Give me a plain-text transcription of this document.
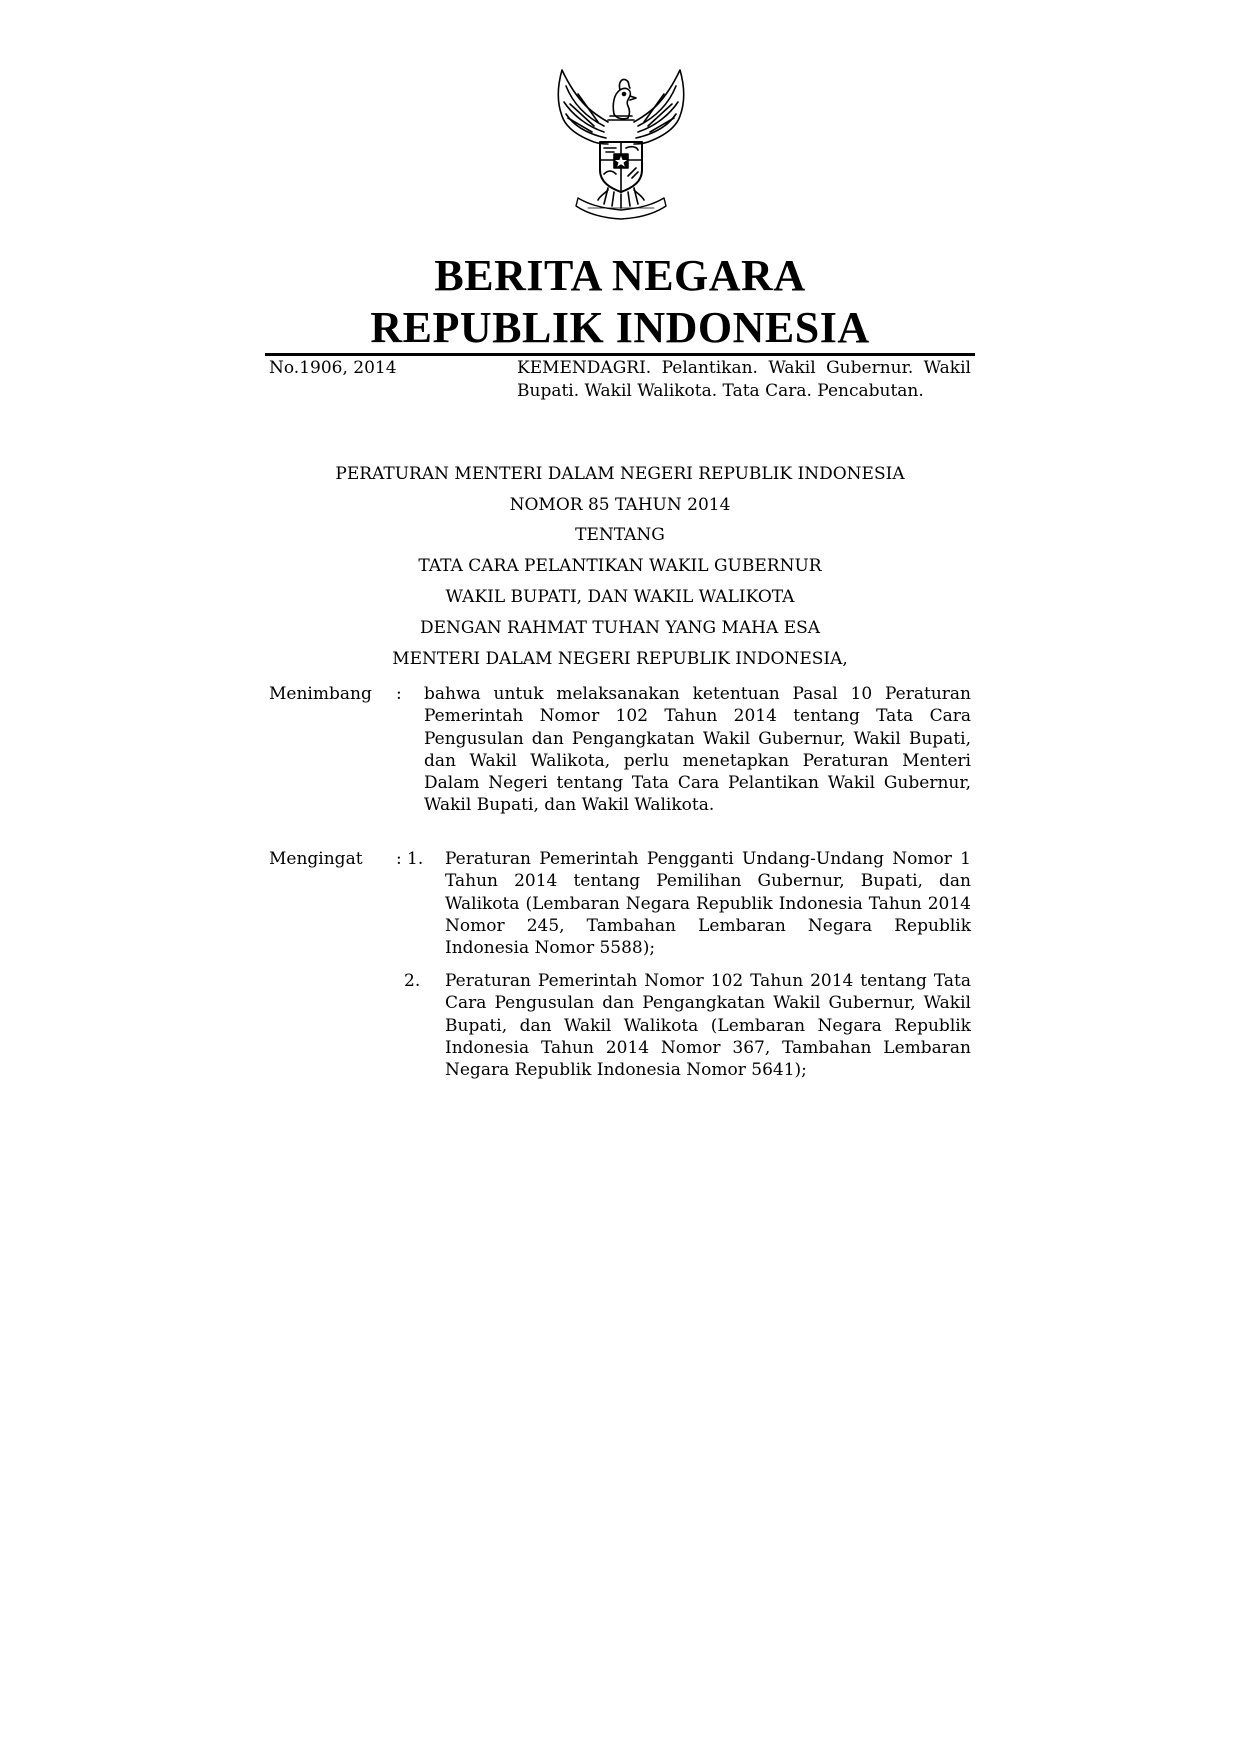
BERITA NEGARA
REPUBLIK INDONESIA
No.1906, 2014	KEMENDAGRI. Pelantikan. Wakil Gubernur. Wakil Bupati. Wakil Walikota. Tata Cara. Pencabutan.
PERATURAN MENTERI DALAM NEGERI REPUBLIK INDONESIA
NOMOR 85 TAHUN 2014
TENTANG
TATA CARA PELANTIKAN WAKIL GUBERNUR
WAKIL BUPATI, DAN WAKIL WALIKOTA
DENGAN RAHMAT TUHAN YANG MAHA ESA
MENTERI DALAM NEGERI REPUBLIK INDONESIA,
Menimbang : bahwa untuk melaksanakan ketentuan Pasal 10 Peraturan Pemerintah Nomor 102 Tahun 2014 tentang Tata Cara Pengusulan dan Pengangkatan Wakil Gubernur, Wakil Bupati, dan Wakil Walikota, perlu menetapkan Peraturan Menteri Dalam Negeri tentang Tata Cara Pelantikan Wakil Gubernur, Wakil Bupati, dan Wakil Walikota.
Mengingat : 1. Peraturan Pemerintah Pengganti Undang-Undang Nomor 1 Tahun 2014 tentang Pemilihan Gubernur, Bupati, dan Walikota (Lembaran Negara Republik Indonesia Tahun 2014 Nomor 245, Tambahan Lembaran Negara Republik Indonesia Nomor 5588);
2. Peraturan Pemerintah Nomor 102 Tahun 2014 tentang Tata Cara Pengusulan dan Pengangkatan Wakil Gubernur, Wakil Bupati, dan Wakil Walikota (Lembaran Negara Republik Indonesia Tahun 2014 Nomor 367, Tambahan Lembaran Negara Republik Indonesia Nomor 5641);
